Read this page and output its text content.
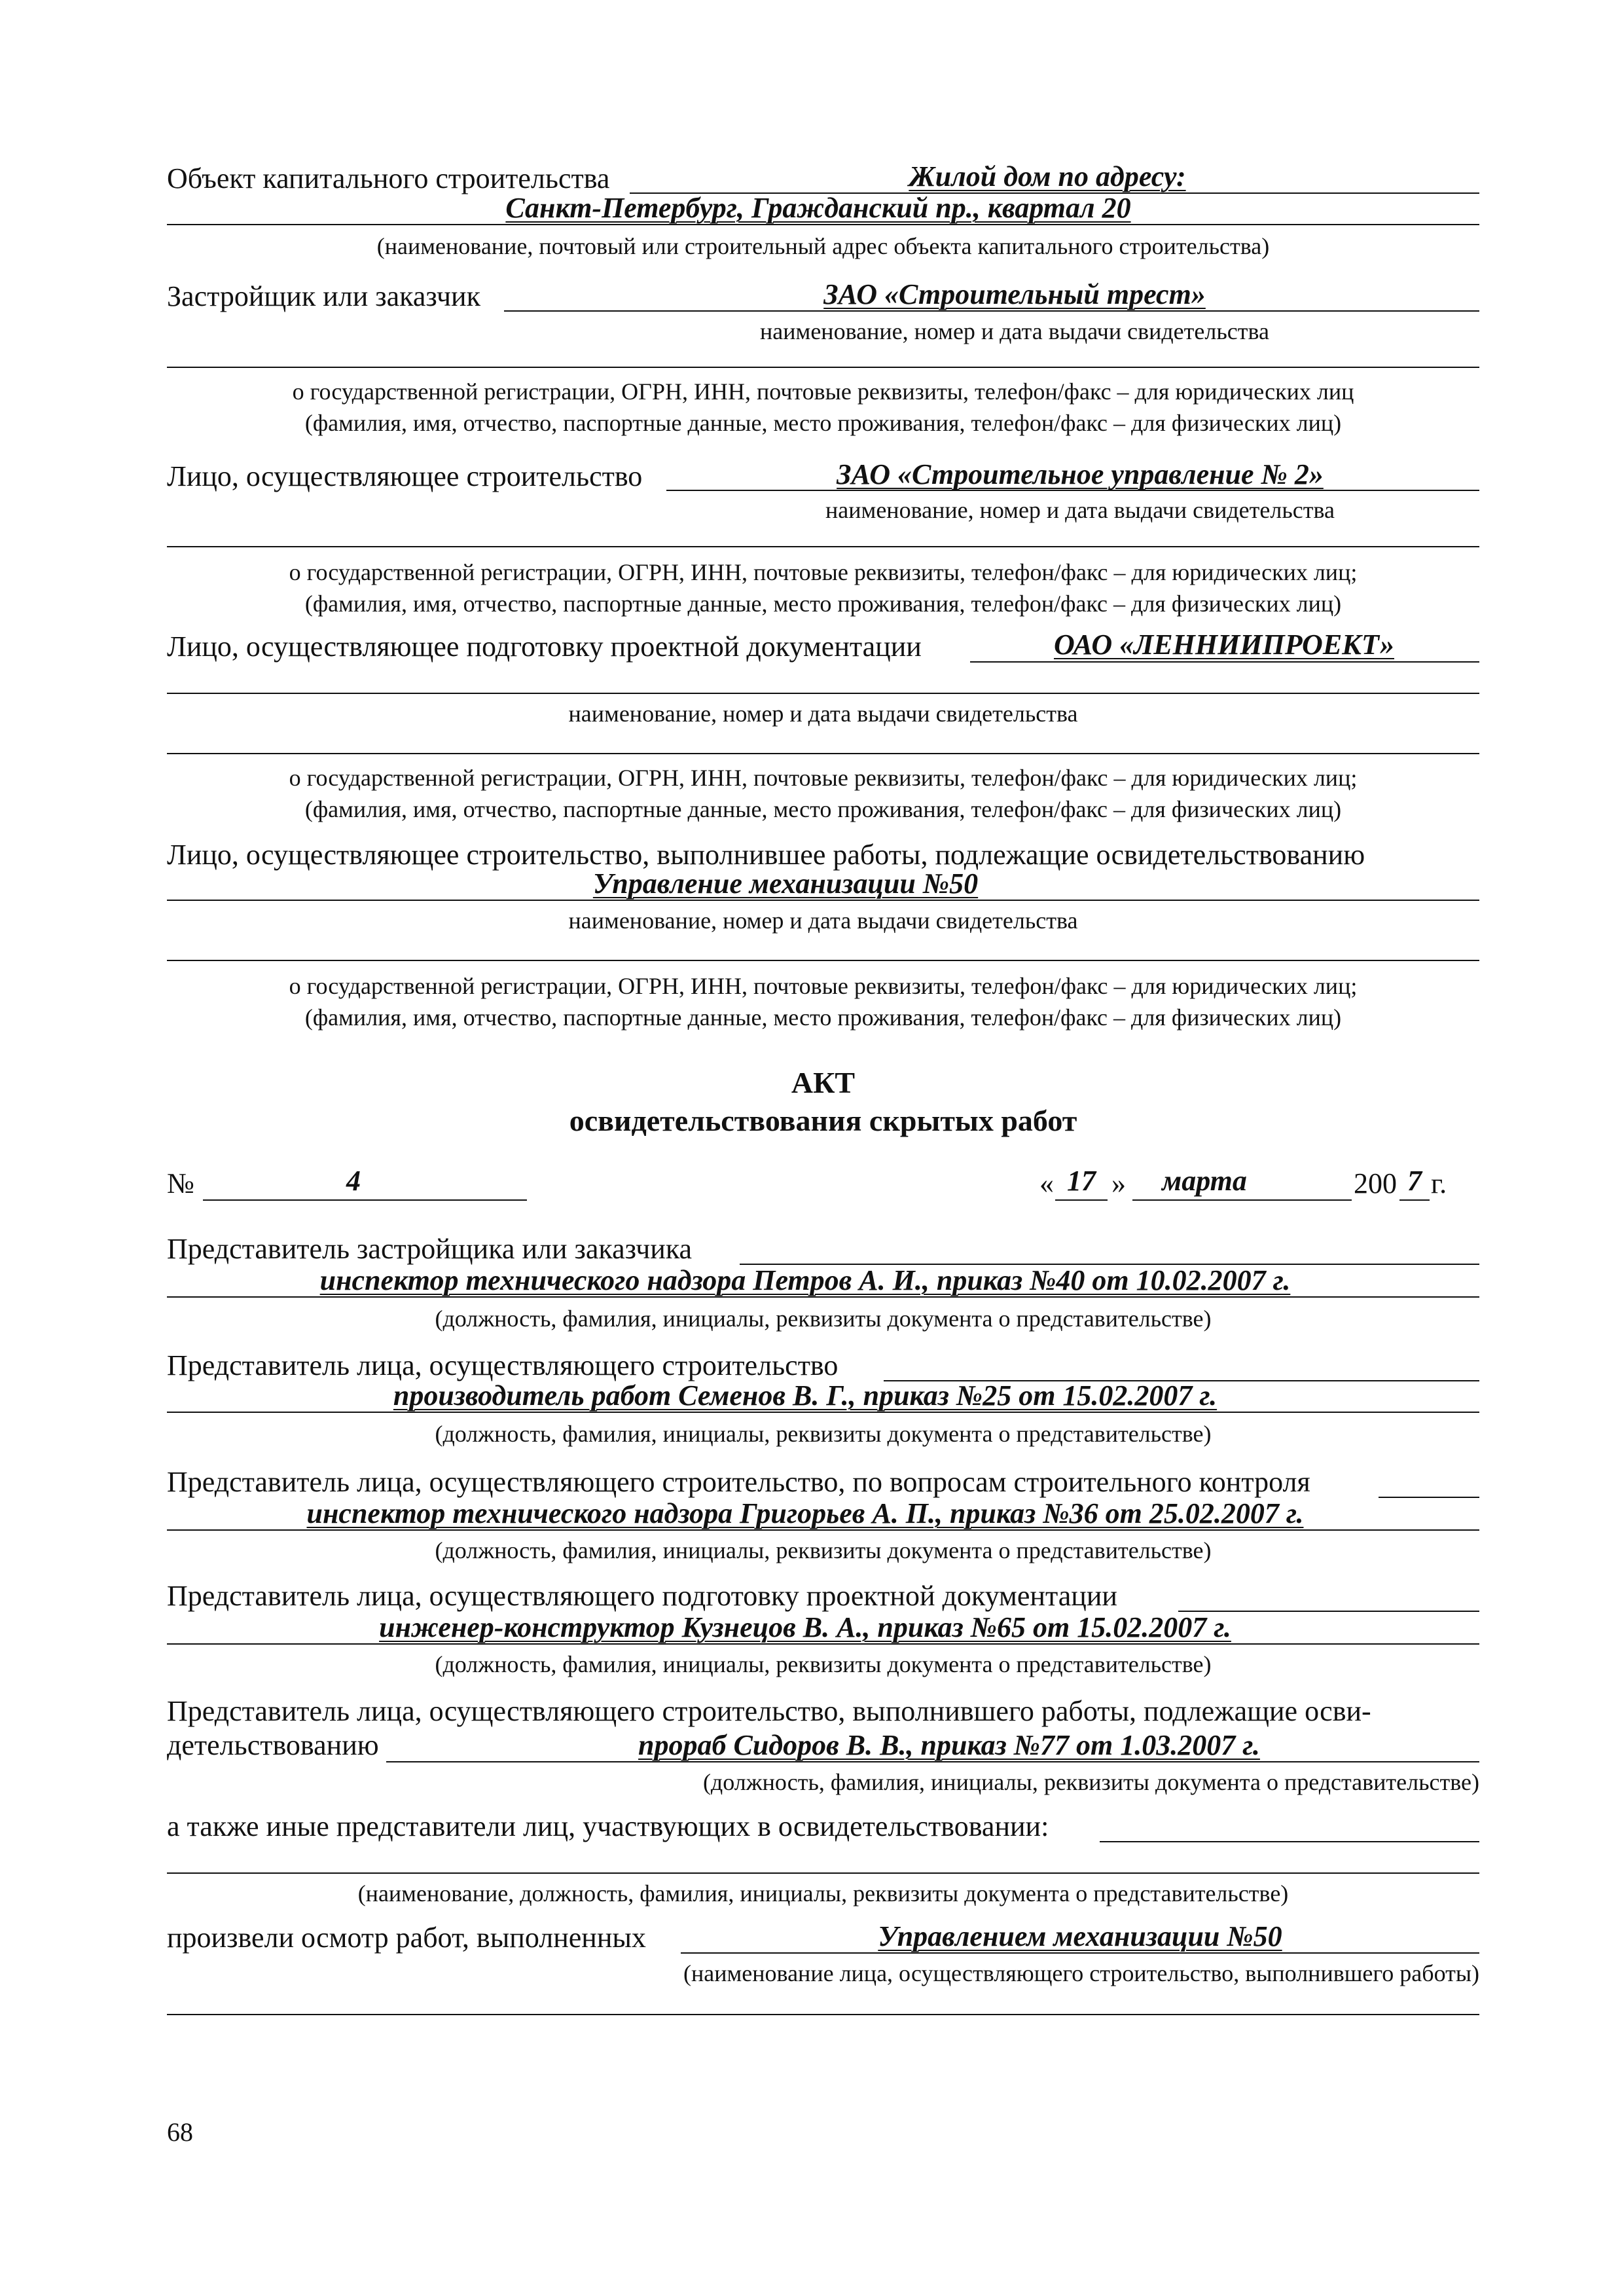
Объект капитального строительства	Жилой дом по адресу:
Санкт-Петербург, Гражданский пр., квартал 20
(наименование, почтовый или строительный адрес объекта капитального строительства)
Застройщик или заказчик	ЗАО «Строительный трест»
наименование, номер и дата выдачи свидетельства
о государственной регистрации, ОГРН, ИНН, почтовые реквизиты, телефон/факс – для юридических лиц
(фамилия, имя, отчество, паспортные данные, место проживания, телефон/факс – для физических лиц)
Лицо, осуществляющее строительство	ЗАО «Строительное управление № 2»
наименование, номер и дата выдачи свидетельства
о государственной регистрации, ОГРН, ИНН, почтовые реквизиты, телефон/факс – для юридических лиц;
(фамилия, имя, отчество, паспортные данные, место проживания, телефон/факс – для физических лиц)
Лицо, осуществляющее подготовку проектной документации	ОАО «ЛЕННИИПРОЕКТ»
наименование, номер и дата выдачи свидетельства
о государственной регистрации, ОГРН, ИНН, почтовые реквизиты, телефон/факс – для юридических лиц;
(фамилия, имя, отчество, паспортные данные, место проживания, телефон/факс – для физических лиц)
Лицо, осуществляющее строительство, выполнившее работы, подлежащие освидетельствованию
Управление механизации №50
наименование, номер и дата выдачи свидетельства
о государственной регистрации, ОГРН, ИНН, почтовые реквизиты, телефон/факс – для юридических лиц;
(фамилия, имя, отчество, паспортные данные, место проживания, телефон/факс – для физических лиц)
АКТ
освидетельствования скрытых работ
№	4	« 17 »	марта	200 7 г.
Представитель застройщика или заказчика
инспектор технического надзора Петров А. И., приказ №40 от 10.02.2007 г.
(должность, фамилия, инициалы, реквизиты документа о представительстве)
Представитель лица, осуществляющего строительство
производитель работ Семенов В. Г., приказ №25 от 15.02.2007 г.
(должность, фамилия, инициалы, реквизиты документа о представительстве)
Представитель лица, осуществляющего строительство, по вопросам строительного контроля
инспектор технического надзора Григорьев А. П., приказ №36 от 25.02.2007 г.
(должность, фамилия, инициалы, реквизиты документа о представительстве)
Представитель лица, осуществляющего подготовку проектной документации
инженер-конструктор Кузнецов В. А., приказ №65 от 15.02.2007 г.
(должность, фамилия, инициалы, реквизиты документа о представительстве)
Представитель лица, осуществляющего строительство, выполнившего работы, подлежащие осви-
детельствованию	прораб Сидоров В. В., приказ №77 от 1.03.2007 г.
(должность, фамилия, инициалы, реквизиты документа о представительстве)
а также иные представители лиц, участвующих в освидетельствовании:
(наименование, должность, фамилия, инициалы, реквизиты документа о представительстве)
произвели осмотр работ, выполненных	Управлением механизации №50
(наименование лица, осуществляющего строительство, выполнившего работы)
68
